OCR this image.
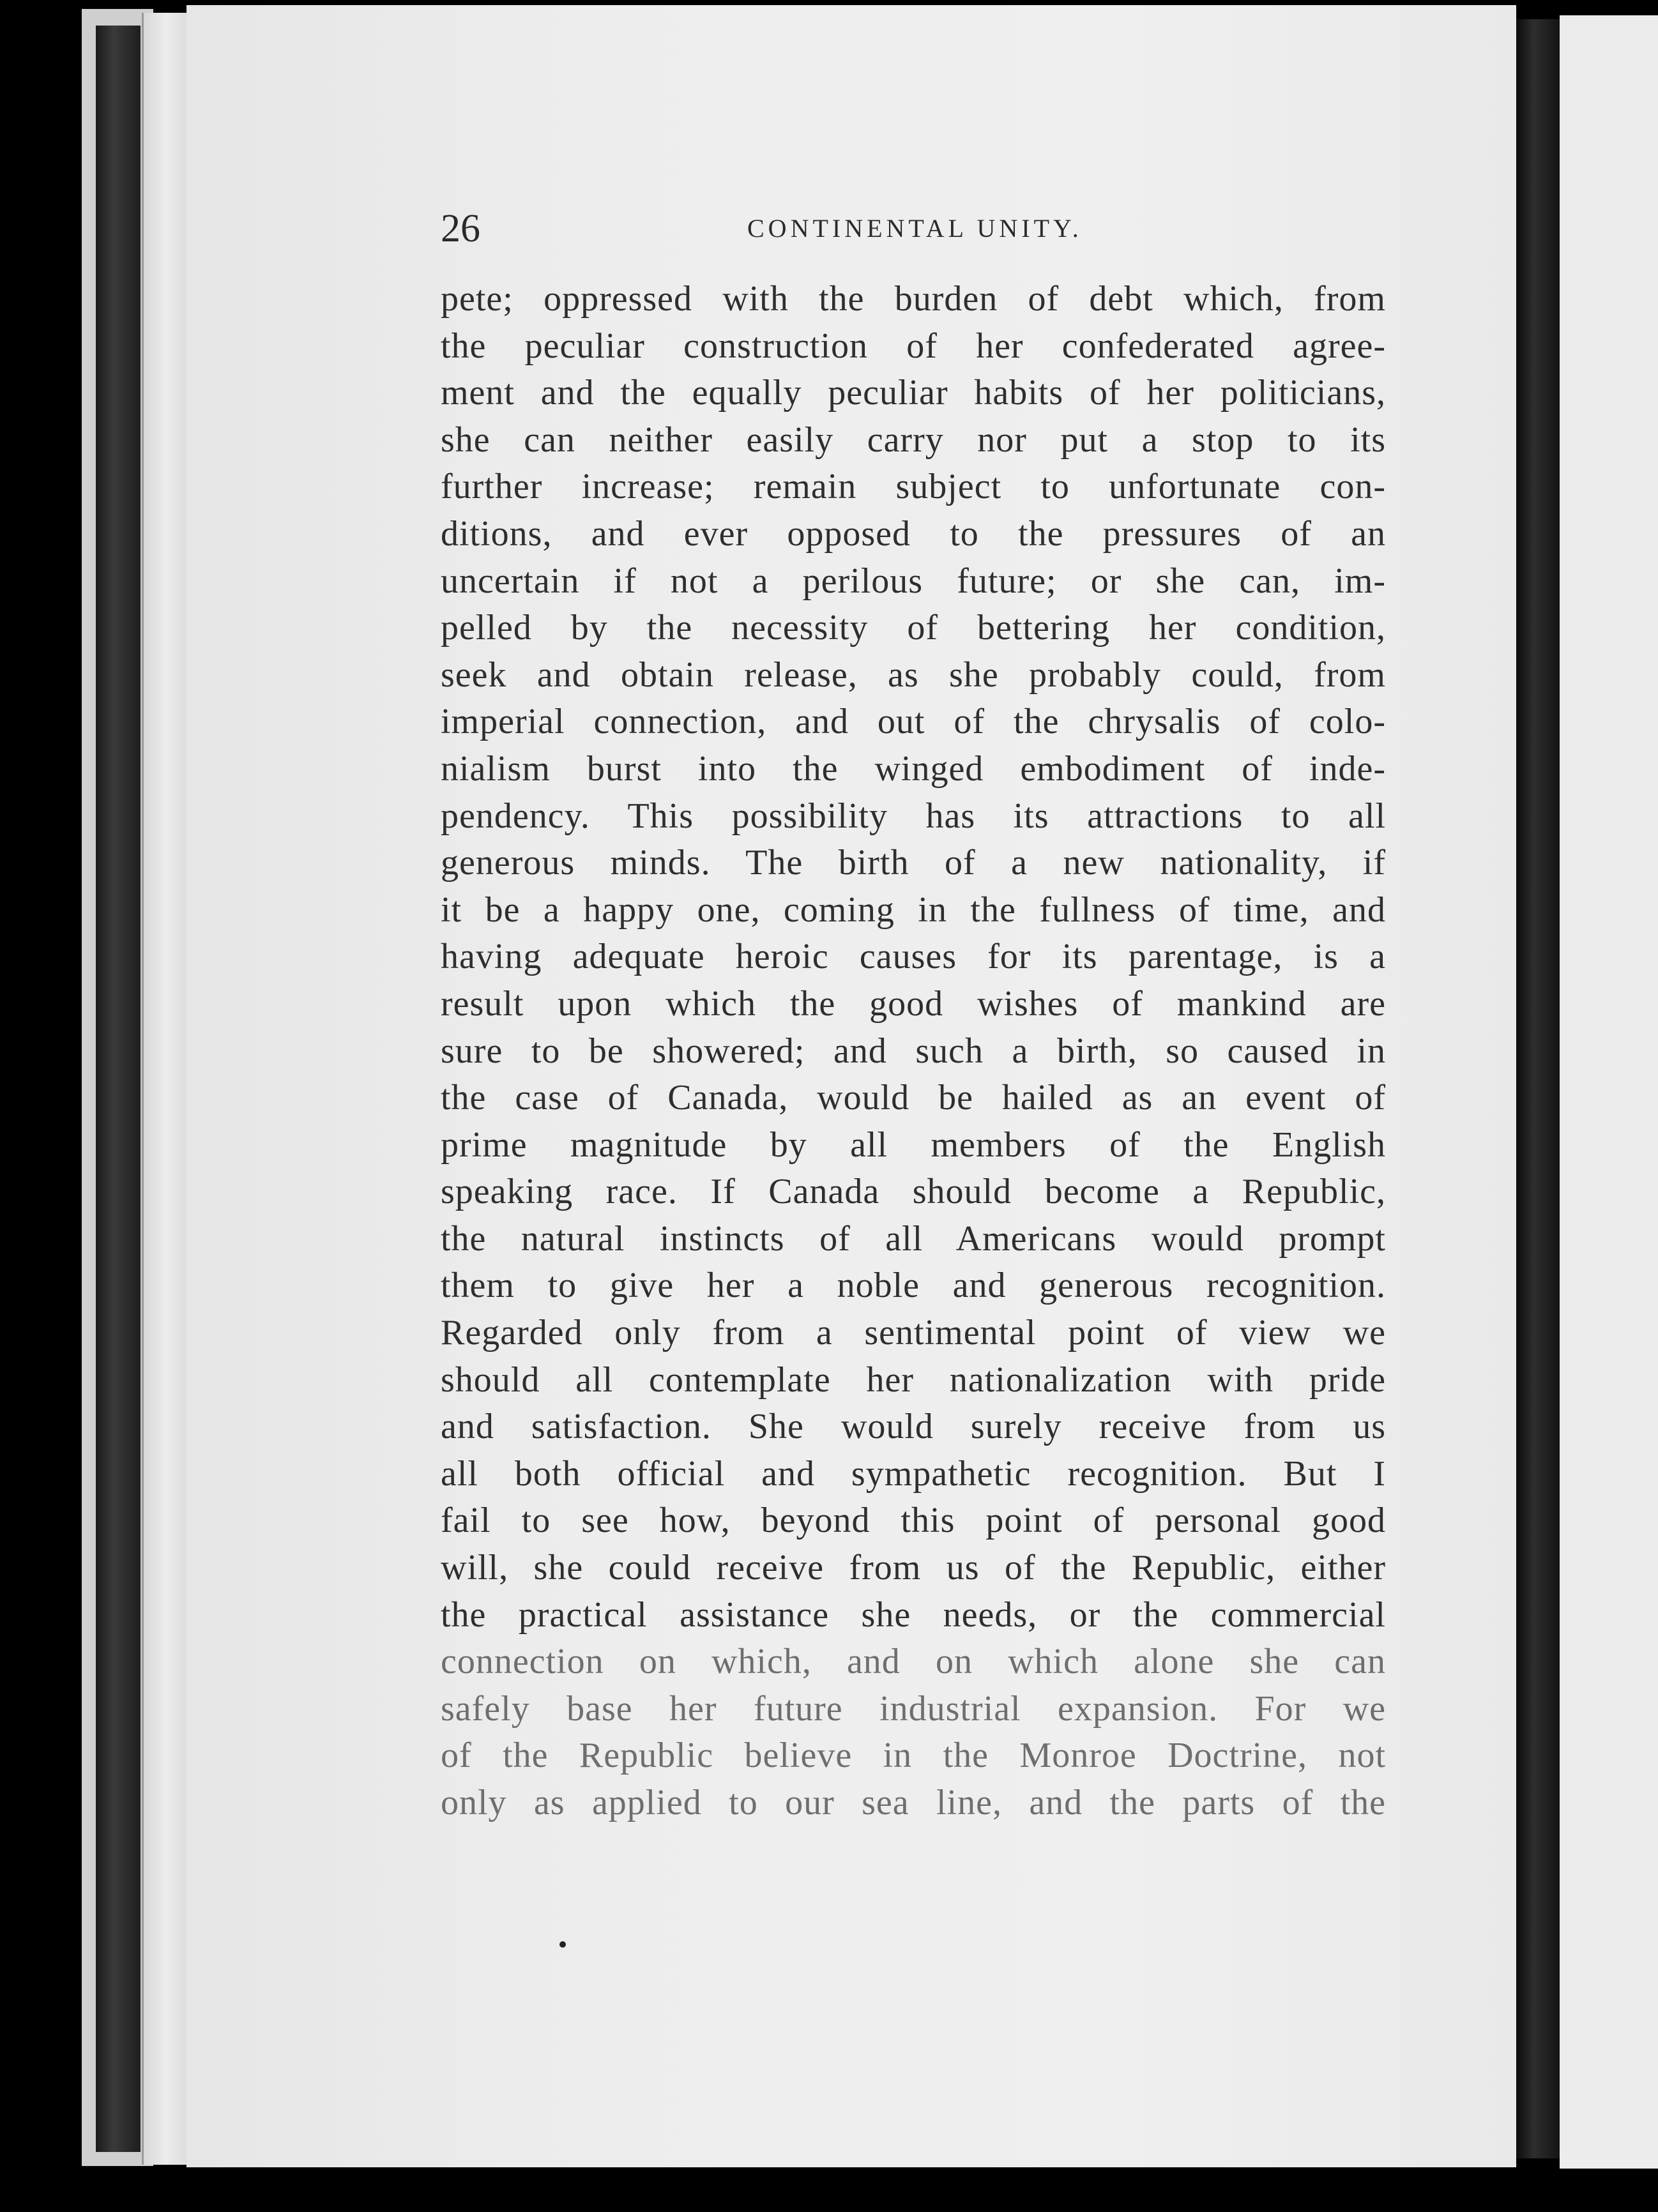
26	CONTINENTAL UNITY.
pete; oppressed with the burden of debt which, from
the peculiar construction of her confederated agree-
ment and the equally peculiar habits of her politicians,
she can neither easily carry nor put a stop to its
further increase; remain subject to unfortunate con-
ditions, and ever opposed to the pressures of an
uncertain if not a perilous future; or she can, im-
pelled by the necessity of bettering her condition,
seek and obtain release, as she probably could, from
imperial connection, and out of the chrysalis of colo-
nialism burst into the winged embodiment of inde-
pendency. This possibility has its attractions to all
generous minds. The birth of a new nationality, if
it be a happy one, coming in the fullness of time, and
having adequate heroic causes for its parentage, is a
result upon which the good wishes of mankind are
sure to be showered; and such a birth, so caused in
the case of Canada, would be hailed as an event of
prime magnitude by all members of the English
speaking race. If Canada should become a Republic,
the natural instincts of all Americans would prompt
them to give her a noble and generous recognition.
Regarded only from a sentimental point of view we
should all contemplate her nationalization with pride
and satisfaction. She would surely receive from us
all both official and sympathetic recognition. But I
fail to see how, beyond this point of personal good
will, she could receive from us of the Republic, either
the practical assistance she needs, or the commercial
connection on which, and on which alone she can
safely base her future industrial expansion. For we
of the Republic believe in the Monroe Doctrine, not
only as applied to our sea line, and the parts of the
